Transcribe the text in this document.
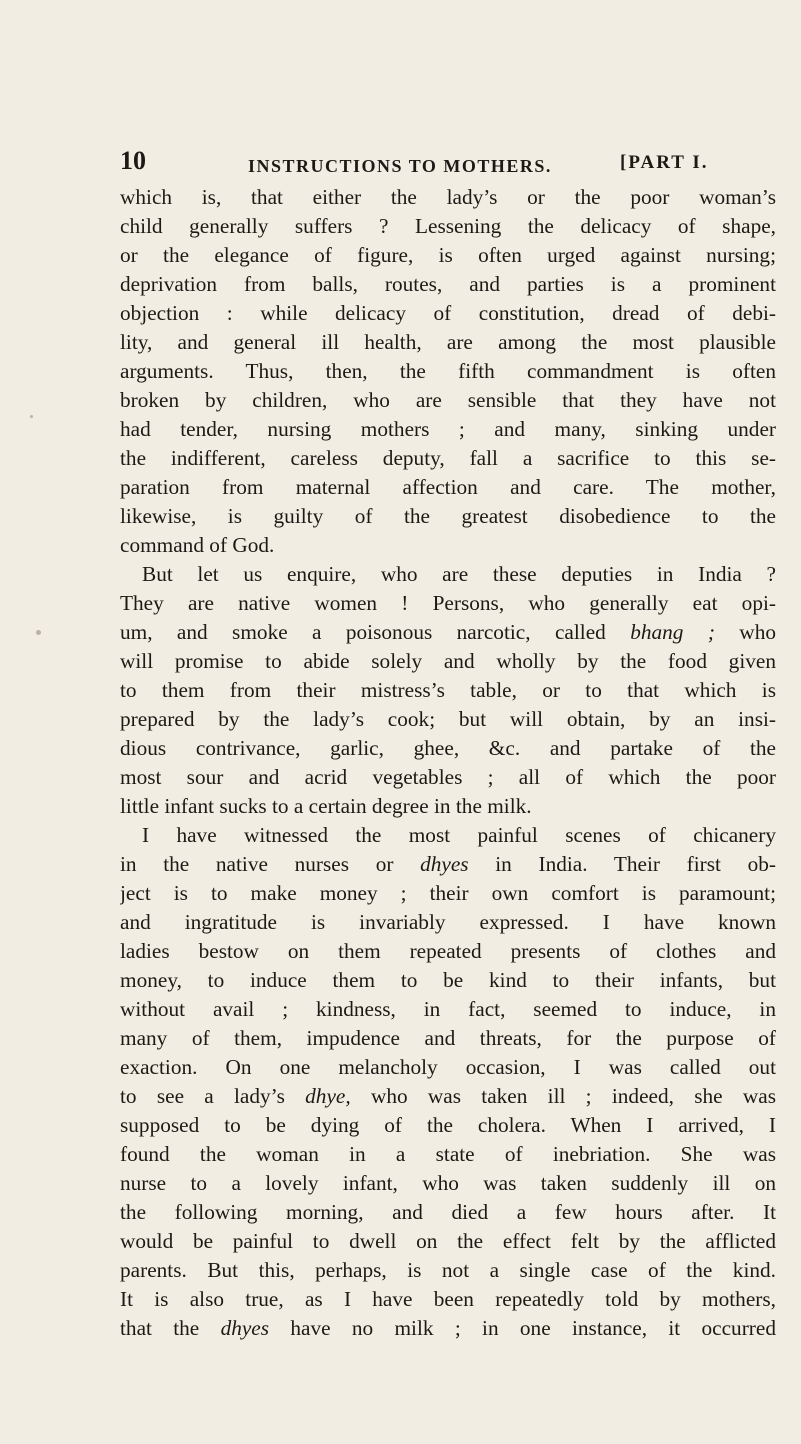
10	INSTRUCTIONS TO MOTHERS.	[PART I.
which is, that either the lady’s or the poor woman’s
child generally suffers ? Lessening the delicacy of shape,
or the elegance of figure, is often urged against nursing;
deprivation from balls, routes, and parties is a prominent
objection : while delicacy of constitution, dread of debi-
lity, and general ill health, are among the most plausible
arguments. Thus, then, the fifth commandment is often
broken by children, who are sensible that they have not
had tender, nursing mothers ; and many, sinking under
the indifferent, careless deputy, fall a sacrifice to this se-
paration from maternal affection and care. The mother,
likewise, is guilty of the greatest disobedience to the
command of God.
But let us enquire, who are these deputies in India ?
They are native women ! Persons, who generally eat opi-
um, and smoke a poisonous narcotic, called bhang ; who
will promise to abide solely and wholly by the food given
to them from their mistress’s table, or to that which is
prepared by the lady’s cook; but will obtain, by an insi-
dious contrivance, garlic, ghee, &c. and partake of the
most sour and acrid vegetables ; all of which the poor
little infant sucks to a certain degree in the milk.
I have witnessed the most painful scenes of chicanery
in the native nurses or dhyes in India. Their first ob-
ject is to make money ; their own comfort is paramount;
and ingratitude is invariably expressed. I have known
ladies bestow on them repeated presents of clothes and
money, to induce them to be kind to their infants, but
without avail ; kindness, in fact, seemed to induce, in
many of them, impudence and threats, for the purpose of
exaction. On one melancholy occasion, I was called out
to see a lady’s dhye, who was taken ill ; indeed, she was
supposed to be dying of the cholera. When I arrived, I
found the woman in a state of inebriation. She was
nurse to a lovely infant, who was taken suddenly ill on
the following morning, and died a few hours after. It
would be painful to dwell on the effect felt by the afflicted
parents. But this, perhaps, is not a single case of the kind.
It is also true, as I have been repeatedly told by mothers,
that the dhyes have no milk ; in one instance, it occurred
